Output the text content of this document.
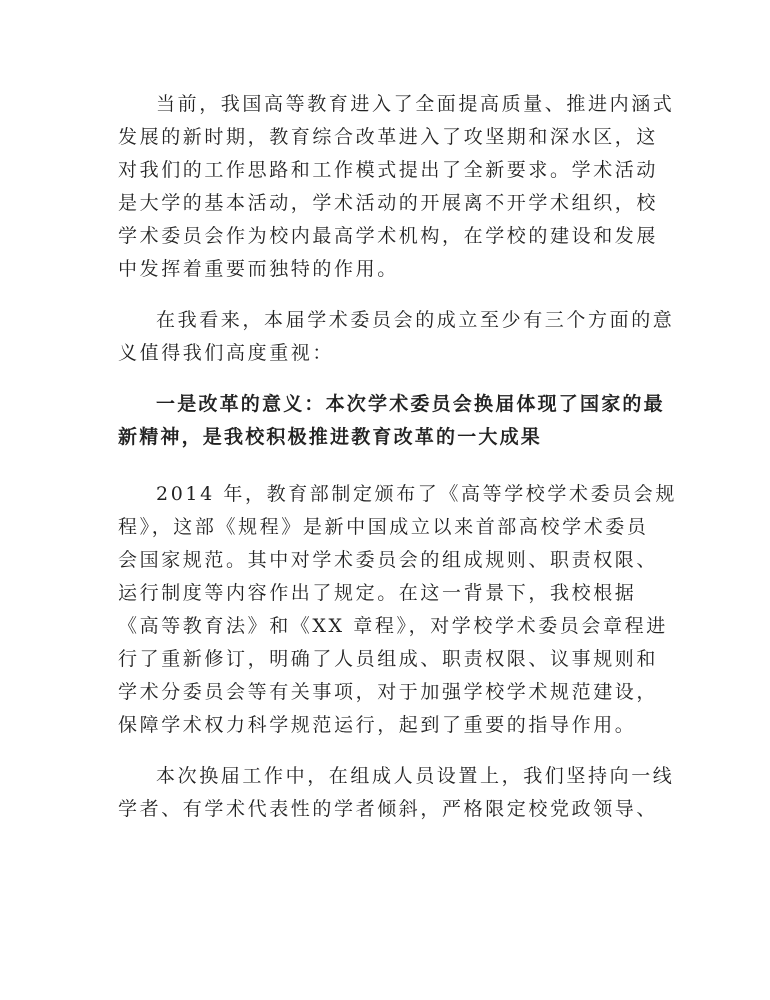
当前，我国高等教育进入了全面提高质量、推进内涵式
发展的新时期，教育综合改革进入了攻坚期和深水区，这
对我们的工作思路和工作模式提出了全新要求。学术活动
是大学的基本活动，学术活动的开展离不开学术组织，校
学术委员会作为校内最高学术机构，在学校的建设和发展
中发挥着重要而独特的作用。

在我看来，本届学术委员会的成立至少有三个方面的意
义值得我们高度重视：

一是改革的意义：本次学术委员会换届体现了国家的最
新精神，是我校积极推进教育改革的一大成果

2014 年，教育部制定颁布了《高等学校学术委员会规
程》，这部《规程》是新中国成立以来首部高校学术委员
会国家规范。其中对学术委员会的组成规则、职责权限、
运行制度等内容作出了规定。在这一背景下，我校根据
《高等教育法》和《XX 章程》，对学校学术委员会章程进
行了重新修订，明确了人员组成、职责权限、议事规则和
学术分委员会等有关事项，对于加强学校学术规范建设，
保障学术权力科学规范运行，起到了重要的指导作用。

本次换届工作中，在组成人员设置上，我们坚持向一线
学者、有学术代表性的学者倾斜，严格限定校党政领导、
